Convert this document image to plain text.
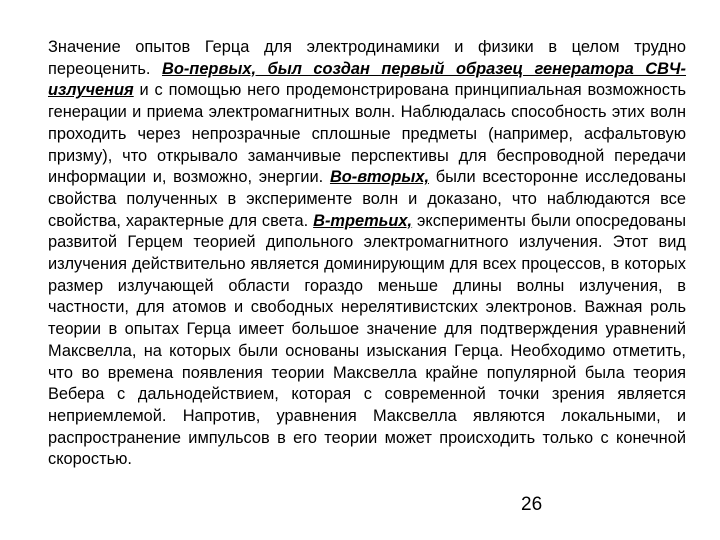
Значение опытов Герца для электродинамики и физики в целом трудно переоценить. Во-первых, был создан первый образец генератора СВЧ-излучения и с помощью него продемонстрирована принципиальная возможность генерации и приема электромагнитных волн. Наблюдалась способность этих волн проходить через непрозрачные сплошные предметы (например, асфальтовую призму), что открывало заманчивые перспективы для беспроводной передачи информации и, возможно, энергии. Во-вторых, были всесторонне исследованы свойства полученных в эксперименте волн и доказано, что наблюдаются все свойства, характерные для света. В-третьих, эксперименты были опосредованы развитой Герцем теорией дипольного электромагнитного излучения. Этот вид излучения действительно является доминирующим для всех процессов, в которых размер излучающей области гораздо меньше длины волны излучения, в частности, для атомов и свободных нерелятивистских электронов. Важная роль теории в опытах Герца имеет большое значение для подтверждения уравнений Максвелла, на которых были основаны изыскания Герца. Необходимо отметить, что во времена появления теории Максвелла крайне популярной была теория Вебера с дальнодействием, которая с современной точки зрения является неприемлемой. Напротив, уравнения Максвелла являются локальными, и распространение импульсов в его теории может происходить только с конечной скоростью.

26
